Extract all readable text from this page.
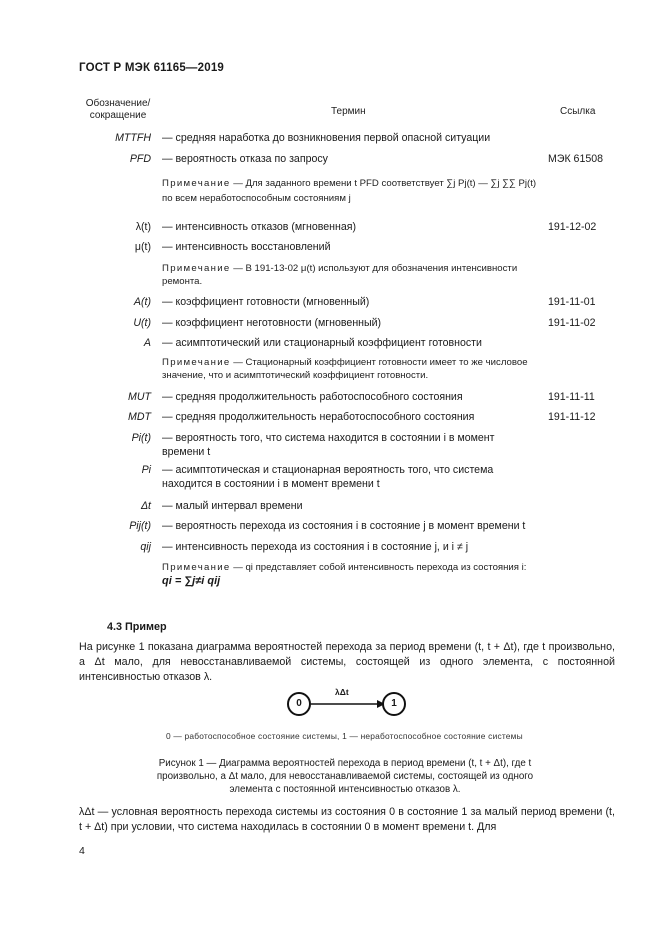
ГОСТ Р МЭК 61165—2019
Обозначение/
сокращение	Термин	Ссылка
MTTFH — средняя наработка до возникновения первой опасной ситуации
PFD — вероятность отказа по запросу	МЭК 61508
Примечание — Для заданного времени t PFD соответствует ∑j Pj(t) — ∑j ∑∑ Pj(t) по всем неработоспособным состояниям j
λ(t) — интенсивность отказов (мгновенная)	191-12-02
μ(t) — интенсивность восстановлений
Примечание — В 191-13-02 μ(t) используют для обозначения интенсивности ремонта.
A(t) — коэффициент готовности (мгновенный)	191-11-01
U(t) — коэффициент неготовности (мгновенный)	191-11-02
A — асимптотический или стационарный коэффициент готовности
Примечание — Стационарный коэффициент готовности имеет то же числовое значение, что и асимптотический коэффициент готовности.
MUT — средняя продолжительность работоспособного состояния	191-11-11
MDT — средняя продолжительность неработоспособного состояния	191-11-12
Pi(t) — вероятность того, что система находится в состоянии i в момент времени t
Pi — асимптотическая и стационарная вероятность того, что система находится в состоянии i в момент времени t
Δt — малый интервал времени
Pij(t) — вероятность перехода из состояния i в состояние j в момент времени t
qij — интенсивность перехода из состояния i в состояние j, и i ≠ j
Примечание — qi представляет собой интенсивность перехода из состояния i:
qi = ∑j≠i qij
4.3 Пример
На рисунке 1 показана диаграмма вероятностей перехода за период времени (t, t + Δt), где t произвольно, а Δt мало, для невосстанавливаемой системы, состоящей из одного элемента, с постоянной интенсивностью отказов λ.
0
λΔt
1
0 — работоспособное состояние системы, 1 — неработоспособное состояние системы
Рисунок 1 — Диаграмма вероятностей перехода в период времени (t, t + Δt), где t произвольно, а Δt мало, для невосстанавливаемой системы, состоящей из одного элемента с постоянной интенсивностью отказов λ.
λΔt — условная вероятность перехода системы из состояния 0 в состояние 1 за малый период времени (t, t + Δt) при условии, что система находилась в состоянии 0 в момент времени t. Для
4
